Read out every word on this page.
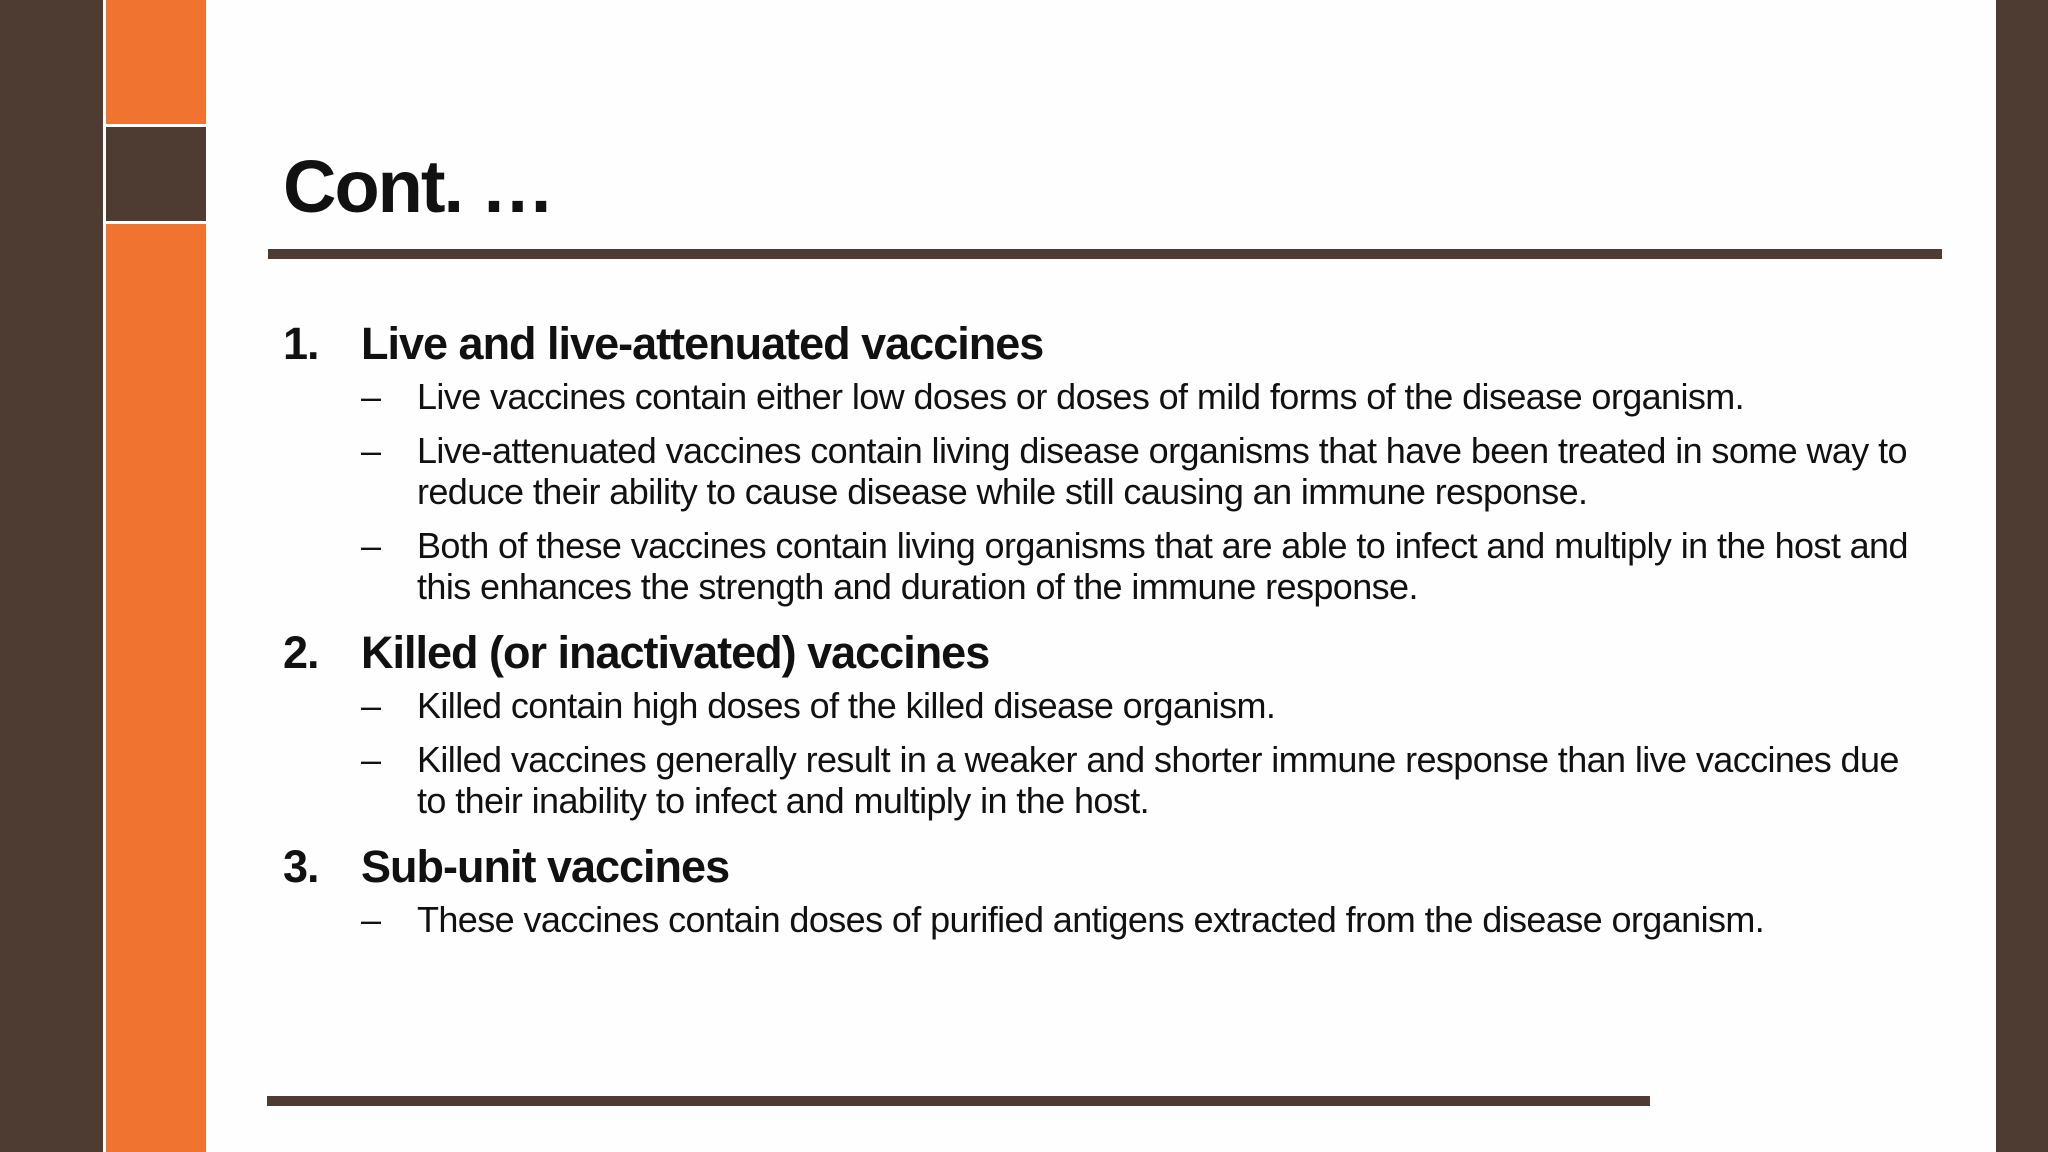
Cont. …
1. Live and live-attenuated vaccines
–	Live vaccines contain either low doses or doses of mild forms of the disease organism.
–	Live-attenuated vaccines contain living disease organisms that have been treated in some way to reduce their ability to cause disease while still causing an immune response.
–	Both of these vaccines contain living organisms that are able to infect and multiply in the host and this enhances the strength and duration of the immune response.
2. Killed (or inactivated) vaccines
–	Killed contain high doses of the killed disease organism.
–	Killed vaccines generally result in a weaker and shorter immune response than live vaccines due to their inability to infect and multiply in the host.
3. Sub-unit vaccines
–	These vaccines contain doses of purified antigens extracted from the disease organism.
